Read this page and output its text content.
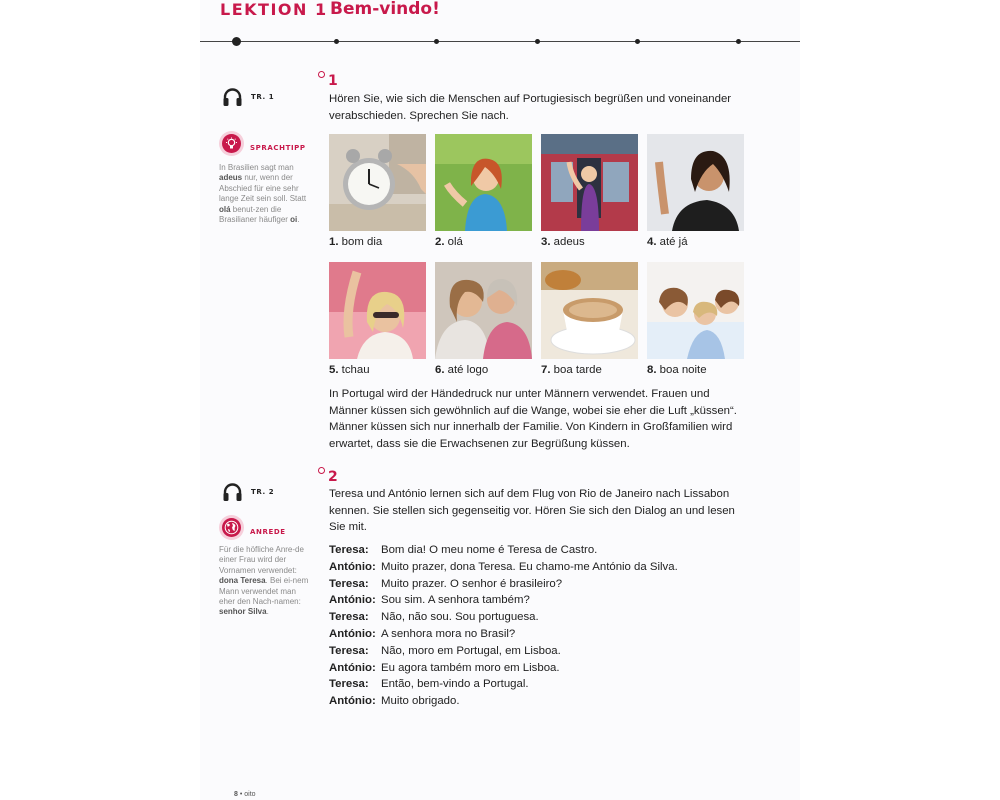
LEKTION 1 Bem-vindo!
TR. 1
SPRACHTIPP
In Brasilien sagt man adeus nur, wenn der Abschied für eine sehr lange Zeit sein soll. Statt olá benut-zen die Brasilianer häufiger oi.
TR. 2
ANREDE
Für die höfliche Anre-de einer Frau wird der Vornamen verwendet: dona Teresa. Bei ei-nem Mann verwendet man eher den Nach-namen: senhor Silva.
1
Hören Sie, wie sich die Menschen auf Portugiesisch begrüßen und voneinander verabschieden. Sprechen Sie nach.
1. bom dia	2. olá	3. adeus	4. até já
5. tchau	6. até logo	7. boa tarde	8. boa noite
In Portugal wird der Händedruck nur unter Männern verwendet. Frauen und Männer küssen sich gewöhnlich auf die Wange, wobei sie eher die Luft „küssen“. Männer küssen sich nur innerhalb der Familie. Von Kindern in Großfamilien wird erwartet, dass sie die Erwachsenen zur Begrüßung küssen.
2
Teresa und António lernen sich auf dem Flug von Rio de Janeiro nach Lissabon kennen. Sie stellen sich gegenseitig vor. Hören Sie sich den Dialog an und lesen Sie mit.
Teresa:	Bom dia! O meu nome é Teresa de Castro.
António: Muito prazer, dona Teresa. Eu chamo-me António da Silva.
Teresa:	Muito prazer. O senhor é brasileiro?
António: Sou sim. A senhora também?
Teresa:	Não, não sou. Sou portuguesa.
António: A senhora mora no Brasil?
Teresa:	Não, moro em Portugal, em Lisboa.
António: Eu agora também moro em Lisboa.
Teresa:	Então, bem-vindo a Portugal.
António: Muito obrigado.
8 • oito
